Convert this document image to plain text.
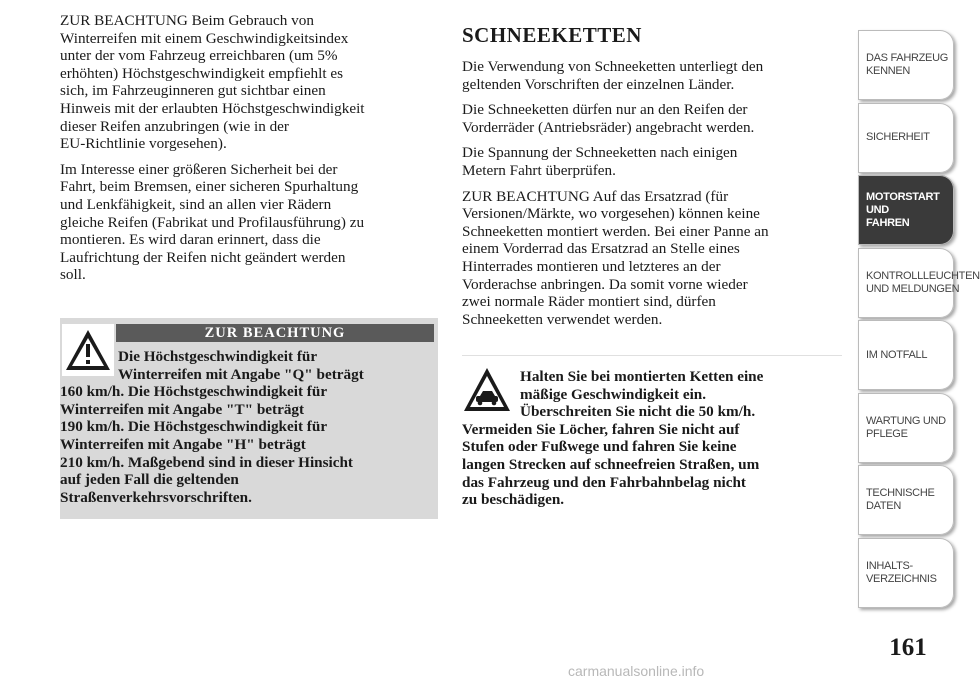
ZUR BEACHTUNG Beim Gebrauch von
Winterreifen mit einem Geschwindigkeitsindex
unter der vom Fahrzeug erreichbaren (um 5%
erhöhten) Höchstgeschwindigkeit empfiehlt es
sich, im Fahrzeuginneren gut sichtbar einen
Hinweis mit der erlaubten Höchstgeschwindigkeit
dieser Reifen anzubringen (wie in der
EU-Richtlinie vorgesehen).

Im Interesse einer größeren Sicherheit bei der
Fahrt, beim Bremsen, einer sicheren Spurhaltung
und Lenkfähigkeit, sind an allen vier Rädern
gleiche Reifen (Fabrikat und Profilausführung) zu
montieren. Es wird daran erinnert, dass die
Laufrichtung der Reifen nicht geändert werden
soll.

ZUR BEACHTUNG
Die Höchstgeschwindigkeit für
Winterreifen mit Angabe "Q" beträgt
160 km/h. Die Höchstgeschwindigkeit für
Winterreifen mit Angabe "T" beträgt
190 km/h. Die Höchstgeschwindigkeit für
Winterreifen mit Angabe "H" beträgt
210 km/h. Maßgebend sind in dieser Hinsicht
auf jeden Fall die geltenden
Straßenverkehrsvorschriften.
SCHNEEKETTEN

Die Verwendung von Schneeketten unterliegt den
geltenden Vorschriften der einzelnen Länder.

Die Schneeketten dürfen nur an den Reifen der
Vorderräder (Antriebsräder) angebracht werden.

Die Spannung der Schneeketten nach einigen
Metern Fahrt überprüfen.

ZUR BEACHTUNG Auf das Ersatzrad (für
Versionen/Märkte, wo vorgesehen) können keine
Schneeketten montiert werden. Bei einer Panne an
einem Vorderrad das Ersatzrad an Stelle eines
Hinterrades montieren und letzteres an der
Vorderachse anbringen. Da somit vorne wieder
zwei normale Räder montiert sind, dürfen
Schneeketten verwendet werden.

Halten Sie bei montierten Ketten eine
mäßige Geschwindigkeit ein.
Überschreiten Sie nicht die 50 km/h.
Vermeiden Sie Löcher, fahren Sie nicht auf
Stufen oder Fußwege und fahren Sie keine
langen Strecken auf schneefreien Straßen, um
das Fahrzeug und den Fahrbahnbelag nicht
zu beschädigen.
DAS FAHRZEUG
KENNEN
SICHERHEIT
MOTORSTART UND
FAHREN
KONTROLLLEUCHTEN
UND MELDUNGEN
IM NOTFALL
WARTUNG UND
PFLEGE
TECHNISCHE
DATEN
INHALTS-
VERZEICHNIS
161
carmanualsonline.info
